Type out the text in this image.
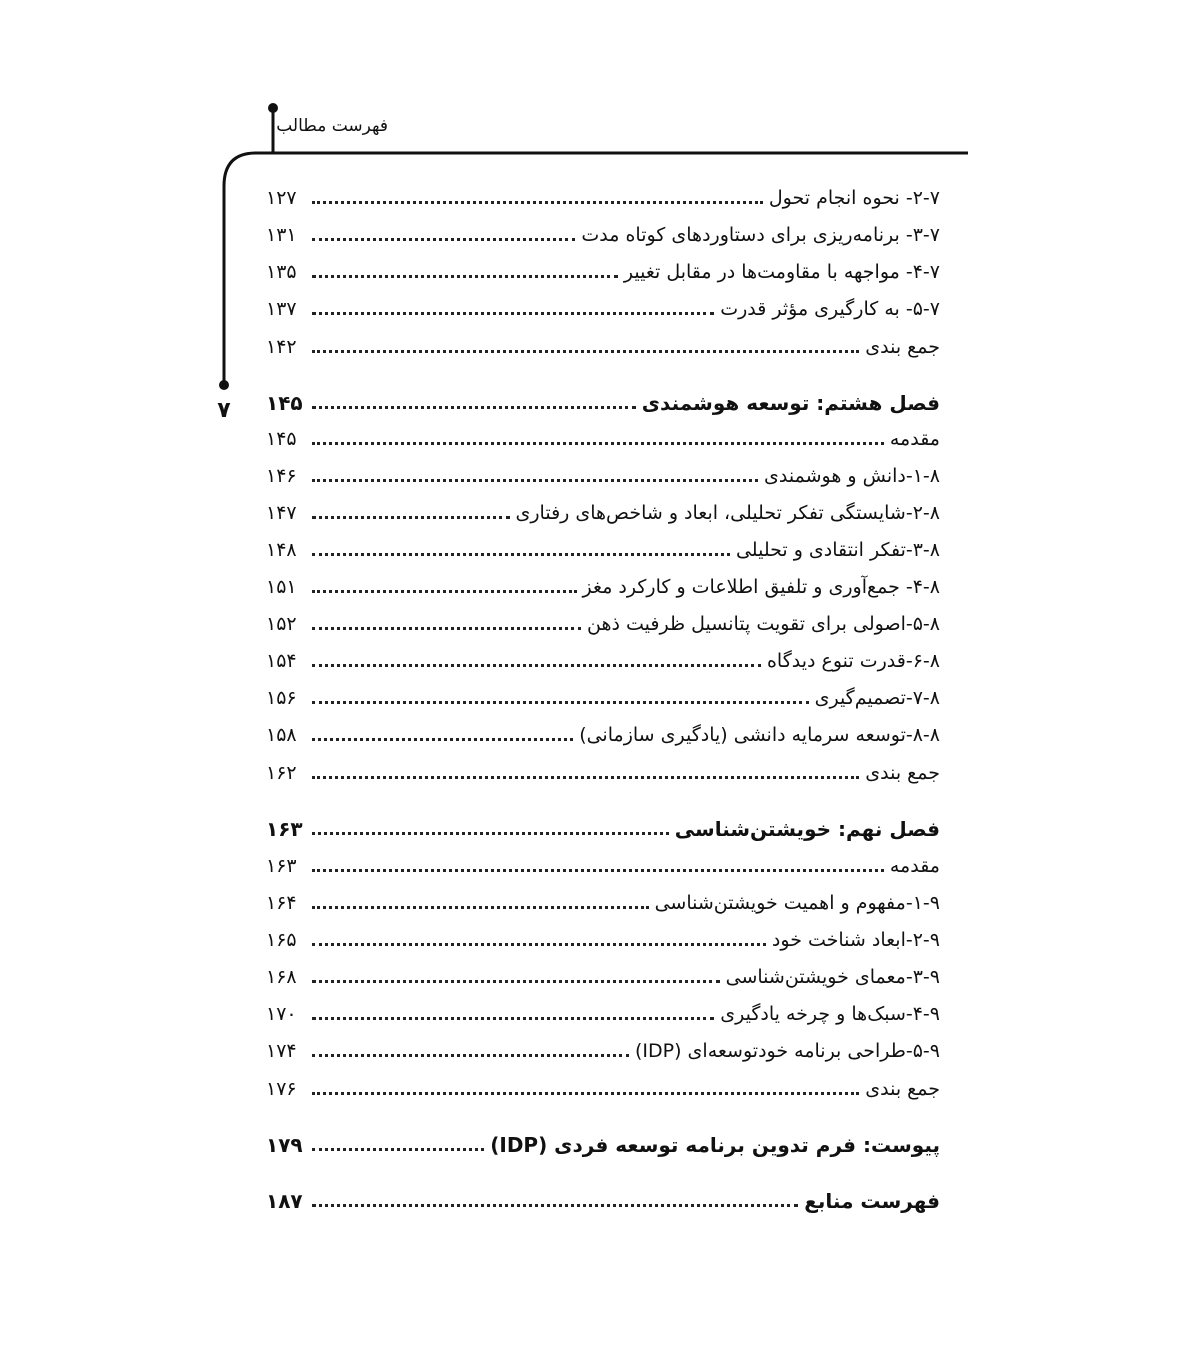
فهرست مطالب
۷
۲-۷- نحوه انجام تحول
۱۲۷
۳-۷- برنامه‌ریزی برای دستاوردهای کوتاه مدت
۱۳۱
۴-۷- مواجهه با مقاومت‌ها در مقابل تغییر
۱۳۵
۵-۷- به کارگیری مؤثر قدرت
۱۳۷
جمع بندی
۱۴۲
فصل هشتم: توسعه هوشمندی
۱۴۵
مقدمه
۱۴۵
۱-۸-دانش و هوشمندی
۱۴۶
۲-۸-شایستگی تفکر تحلیلی، ابعاد و شاخص‌های رفتاری
۱۴۷
۳-۸-تفکر انتقادی و تحلیلی
۱۴۸
۴-۸- جمع‌آوری و تلفیق اطلاعات و کارکرد مغز
۱۵۱
۵-۸-اصولی برای تقویت پتانسیل ظرفیت ذهن
۱۵۲
۶-۸-قدرت تنوع دیدگاه
۱۵۴
۷-۸-تصمیم‌گیری
۱۵۶
۸-۸-توسعه سرمایه دانشی (یادگیری سازمانی)
۱۵۸
جمع بندی
۱۶۲
فصل نهم: خویشتن‌شناسی
۱۶۳
مقدمه
۱۶۳
۱-۹-مفهوم و اهمیت خویشتن‌شناسی
۱۶۴
۲-۹-ابعاد شناخت خود
۱۶۵
۳-۹-معمای خویشتن‌شناسی
۱۶۸
۴-۹-سبک‌ها و چرخه یادگیری
۱۷۰
۵-۹-طراحی برنامه خودتوسعه‌ای (IDP)
۱۷۴
جمع بندی
۱۷۶
پیوست: فرم تدوین برنامه توسعه فردی (IDP)
۱۷۹
فهرست منابع
۱۸۷
